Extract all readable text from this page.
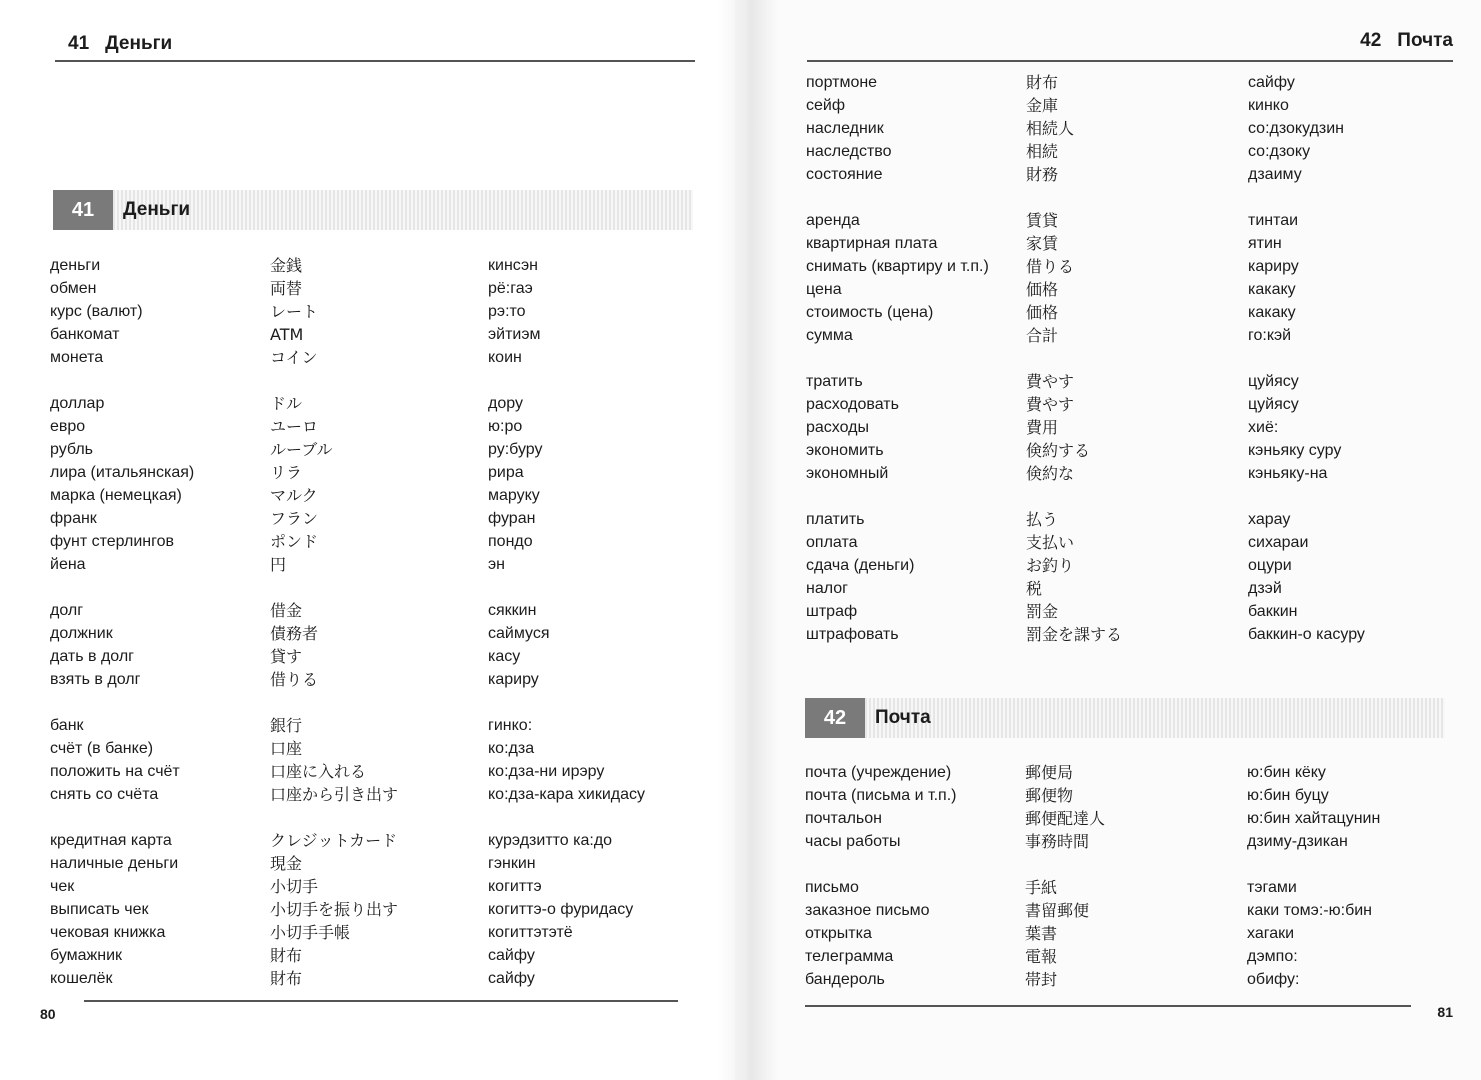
41 Деньги
41	Деньги
деньги	金銭	кинсэн
обмен	両替	рё:гаэ
курс (валют)	レート	рэ:то
банкомат	ATM	эйтиэм
монета	コイン	коин
доллар	ドル	дору
евро	ユーロ	ю:ро
рубль	ルーブル	ру:буру
лира (итальянская)	リラ	рира
марка (немецкая)	マルク	маруку
франк	フラン	фуран
фунт стерлингов	ポンド	пондо
йена	円	эн
долг	借金	сяккин
должник	債務者	саймуся
дать в долг	貸す	касу
взять в долг	借りる	кариру
банк	銀行	гинко:
счёт (в банке)	口座	ко:дза
положить на счёт	口座に入れる	ко:дза-ни ирэру
снять со счёта	口座から引き出す	ко:дза-кара хикидасу
кредитная карта	クレジットカード	курэдзитто ка:до
наличные деньги	現金	гэнкин
чек	小切手	когиттэ
выписать чек	小切手を振り出す	когиттэ-о фуридасу
чековая книжка	小切手手帳	когиттэтэтё
бумажник	財布	сайфу
кошелёк	財布	сайфу
80
42 Почта
портмоне	財布	сайфу
сейф	金庫	кинко
наследник	相続人	со:дзокудзин
наследство	相続	со:дзоку
состояние	財務	дзаиму
аренда	賃貸	тинтаи
квартирная плата	家賃	ятин
снимать (квартиру и т.п.)	借りる	кариру
цена	価格	какаку
стоимость (цена)	価格	какаку
сумма	合計	го:кэй
тратить	費やす	цуйясу
расходовать	費やす	цуйясу
расходы	費用	хиё:
экономить	倹約する	кэньяку суру
экономный	倹約な	кэньяку-на
платить	払う	харау
оплата	支払い	сихараи
сдача (деньги)	お釣り	оцури
налог	税	дзэй
штраф	罰金	баккин
штрафовать	罰金を課する	баккин-о касуру
42	Почта
почта (учреждение)	郵便局	ю:бин кёку
почта (письма и т.п.)	郵便物	ю:бин буцу
почтальон	郵便配達人	ю:бин хайтацунин
часы работы	事務時間	дзиму-дзикан
письмо	手紙	тэгами
заказное письмо	書留郵便	каки томэ:-ю:бин
открытка	葉書	хагаки
телеграмма	電報	дэмпо:
бандероль	帯封	обифу:
81
